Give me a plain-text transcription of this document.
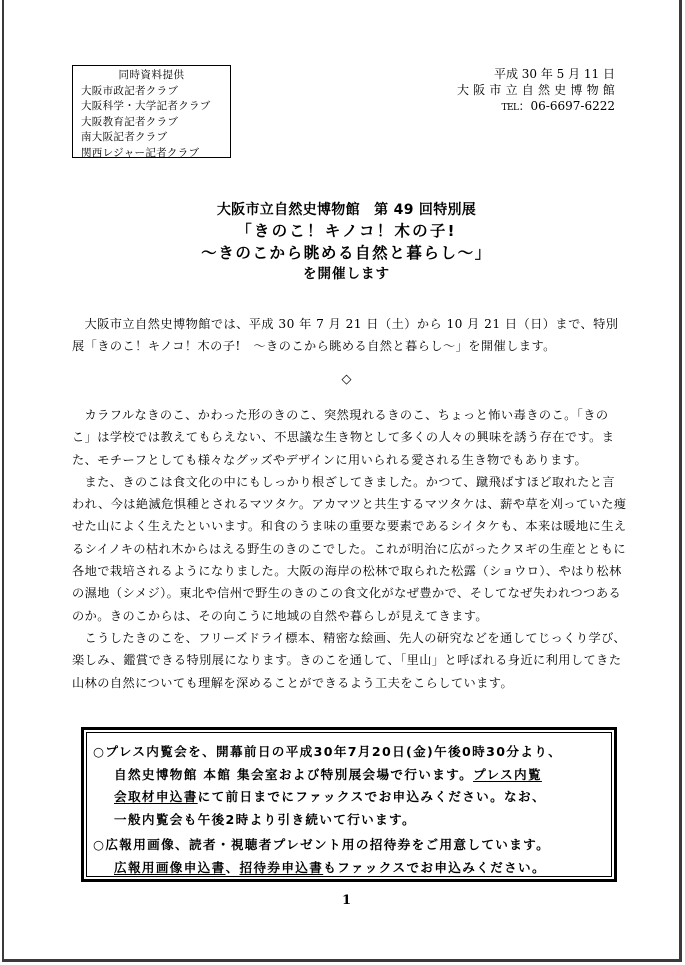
同時資料提供
大阪市政記者クラブ
大阪科学・大学記者クラブ
大阪教育記者クラブ
南大阪記者クラブ
関西レジャー記者クラブ
平成 30 年 5 月 11 日
大阪市立自然史博物館
TEL：06-6697-6222
大阪市立自然史博物館　第 49 回特別展
「きのこ！キノコ！木の子!
～きのこから眺める自然と暮らし～」
を開催します

大阪市立自然史博物館では、平成 30 年 7 月 21 日（土）から 10 月 21 日（日）まで、特別展「きのこ！キノコ！木の子!　～きのこから眺める自然と暮らし～」を開催します。

◇

カラフルなきのこ、かわった形のきのこ、突然現れるきのこ、ちょっと怖い毒きのこ。「きのこ」は学校では教えてもらえない、不思議な生き物として多くの人々の興味を誘う存在です。また、モチーフとしても様々なグッズやデザインに用いられる愛される生き物でもあります。

また、きのこは食文化の中にもしっかり根ざしてきました。かつて、蹴飛ばすほど取れたと言われ、今は絶滅危惧種とされるマツタケ。アカマツと共生するマツタケは、薪や草を刈っていた痩せた山によく生えたといいます。和食のうま味の重要な要素であるシイタケも、本来は暖地に生えるシイノキの枯れ木からはえる野生のきのこでした。これが明治に広がったクヌギの生産とともに各地で栽培されるようになりました。大阪の海岸の松林で取られた松露（ショウロ）、やはり松林の濕地（シメジ）。東北や信州で野生のきのこの食文化がなぜ豊かで、そしてなぜ失われつつあるのか。きのこからは、その向こうに地域の自然や暮らしが見えてきます。

こうしたきのこを、フリーズドライ標本、精密な絵画、先人の研究などを通してじっくり学び、楽しみ、鑑賞できる特別展になります。きのこを通して、「里山」と呼ばれる身近に利用してきた山林の自然についても理解を深めることができるよう工夫をこらしています。

○プレス内覧会を、開幕前日の平成30年7月20日(金)午後0時30分より、
自然史博物館 本館 集会室および特別展会場で行います。プレス内覧
会取材申込書にて前日までにファックスでお申込みください。なお、
一般内覧会も午後2時より引き続いて行います。
○広報用画像、読者・視聴者プレゼント用の招待券をご用意しています。
広報用画像申込書、招待券申込書もファックスでお申込みください。
1
